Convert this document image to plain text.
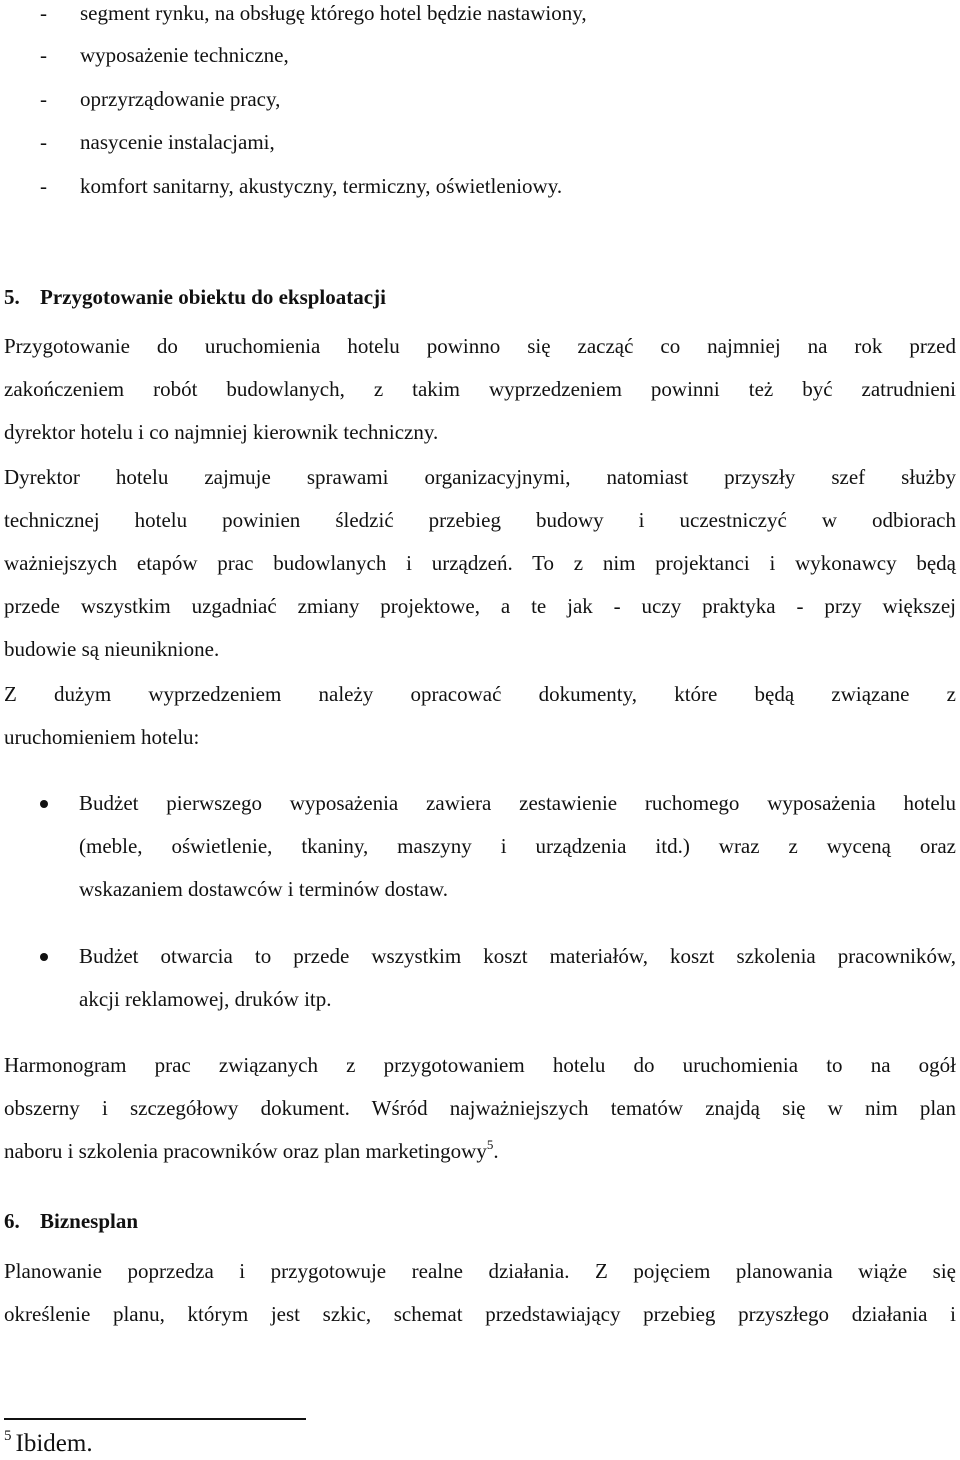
-	segment rynku, na obsługę którego hotel będzie nastawiony,
-	wyposażenie techniczne,
-	oprzyrządowanie pracy,
-	nasycenie instalacjami,
-	komfort sanitarny, akustyczny, termiczny, oświetleniowy.
5. Przygotowanie obiektu do eksploatacji
Przygotowanie do uruchomienia hotelu powinno się zacząć co najmniej na rok przed
zakończeniem robót budowlanych, z takim wyprzedzeniem powinni też być zatrudnieni
dyrektor hotelu i co najmniej kierownik techniczny.
Dyrektor hotelu zajmuje sprawami organizacyjnymi, natomiast przyszły szef służby
technicznej hotelu powinien śledzić przebieg budowy i uczestniczyć w odbiorach
ważniejszych etapów prac budowlanych i urządzeń. To z nim projektanci i wykonawcy będą
przede wszystkim uzgadniać zmiany projektowe, a te jak - uczy praktyka - przy większej
budowie są nieuniknione.
Z dużym wyprzedzeniem należy opracować dokumenty, które będą związane z
uruchomieniem hotelu:
Budżet pierwszego wyposażenia zawiera zestawienie ruchomego wyposażenia hotelu
(meble, oświetlenie, tkaniny, maszyny i urządzenia itd.) wraz z wyceną oraz
wskazaniem dostawców i terminów dostaw.
Budżet otwarcia to przede wszystkim koszt materiałów, koszt szkolenia pracowników,
akcji reklamowej, druków itp.
Harmonogram prac związanych z przygotowaniem hotelu do uruchomienia to na ogół
obszerny i szczegółowy dokument. Wśród najważniejszych tematów znajdą się w nim plan
naboru i szkolenia pracowników oraz plan marketingowy$^5$.
6. Biznesplan
Planowanie poprzedza i przygotowuje realne działania. Z pojęciem planowania wiąże się
określenie planu, którym jest szkic, schemat przedstawiający przebieg przyszłego działania i
$^5$ Ibidem.
